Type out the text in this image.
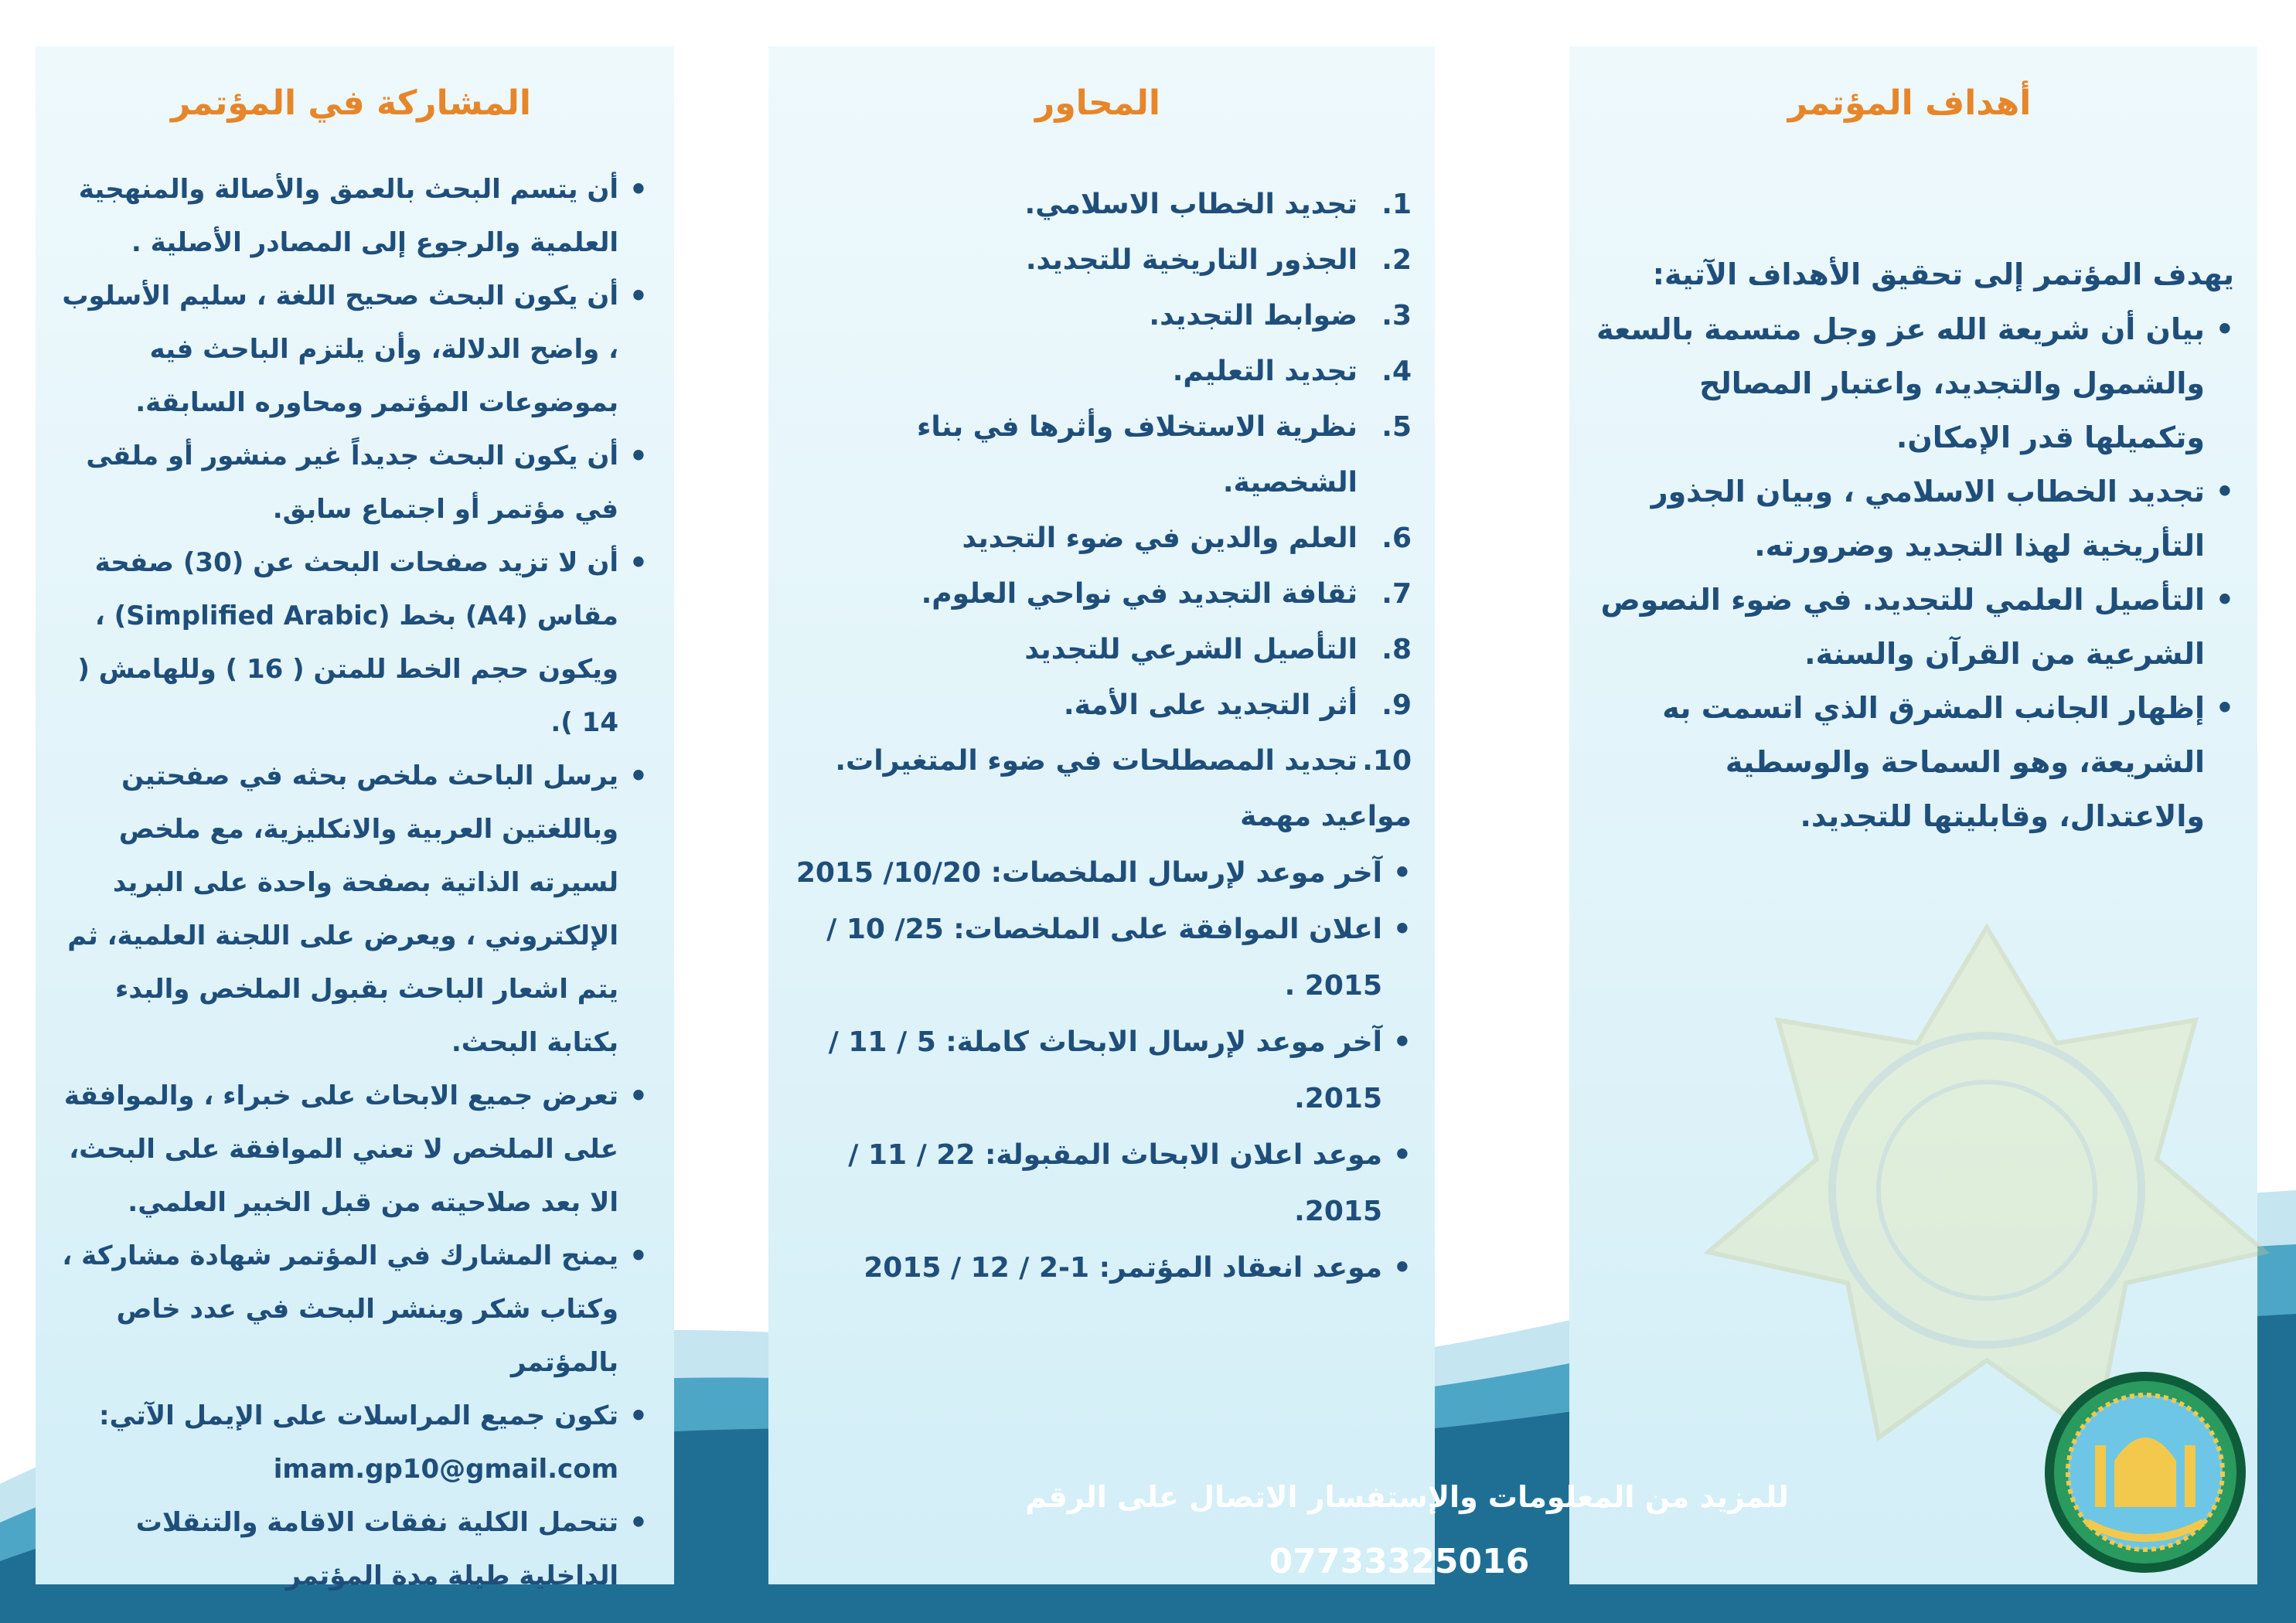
المشاركة في المؤتمر
• أن يتسم البحث بالعمق والأصالة والمنهجية العلمية والرجوع إلى المصادر الأصلية .
• أن يكون البحث صحيح اللغة ، سليم الأسلوب ، واضح الدلالة، وأن يلتزم الباحث فيه بموضوعات المؤتمر ومحاوره السابقة.
• أن يكون البحث جديداً غير منشور أو ملقى في مؤتمر أو اجتماع سابق.
• أن لا تزيد صفحات البحث عن (30) صفحة مقاس (A4) بخط (Simplified Arabic) ، ويكون حجم الخط للمتن ( 16 ) وللهامش ( 14 ).
• يرسل الباحث ملخص بحثه في صفحتين وباللغتين العربية والانكليزية، مع ملخص لسيرته الذاتية بصفحة واحدة على البريد الإلكتروني ، ويعرض على اللجنة العلمية، ثم يتم اشعار الباحث بقبول الملخص والبدء بكتابة البحث.
• تعرض جميع الابحاث على خبراء ، والموافقة على الملخص لا تعني الموافقة على البحث، الا بعد صلاحيته من قبل الخبير العلمي.
• يمنح المشارك في المؤتمر شهادة مشاركة ، وكتاب شكر وينشر البحث في عدد خاص بالمؤتمر
• تكون جميع المراسلات على الإيمل الآتي:
imam.gp10@gmail.com
• تتحمل الكلية نفقات الاقامة والتنقلات الداخلية طيلة مدة المؤتمر
المحاور
1.
تجديد الخطاب الاسلامي.
2.
الجذور التاريخية للتجديد.
3.
ضوابط التجديد.
4.
تجديد التعليم.
5.
نظرية الاستخلاف وأثرها في بناء الشخصية.
6.
العلم والدين في ضوء التجديد
7.
ثقافة التجديد في نواحي العلوم.
8.
التأصيل الشرعي للتجديد
9.
أثر التجديد على الأمة.
10.
تجديد المصطلحات في ضوء المتغيرات.

مواعيد مهمة

• آخر موعد لإرسال الملخصات: 10/20/ 2015
• اعلان الموافقة على الملخصات: 25/ 10 / 2015 .
• آخر موعد لإرسال الابحاث كاملة: 5 / 11 / 2015.
• موعد اعلان الابحاث المقبولة: 22 / 11 / 2015.
• موعد انعقاد المؤتمر: 1-2 / 12 / 2015
أهداف المؤتمر

يهدف المؤتمر إلى تحقيق الأهداف الآتية:

• بيان أن شريعة الله عز وجل متسمة بالسعة والشمول والتجديد، واعتبار المصالح وتكميلها قدر الإمكان.
• تجديد الخطاب الاسلامي ، وبيان الجذور التأريخية لهذا التجديد وضرورته.
• التأصيل العلمي للتجديد. في ضوء النصوص الشرعية من القرآن والسنة.
• إظهار الجانب المشرق الذي اتسمت به الشريعة، وهو السماحة والوسطية والاعتدال، وقابليتها للتجديد.
للمزيد من المعلومات والإستفسار الاتصال على الرقم
07733325016
